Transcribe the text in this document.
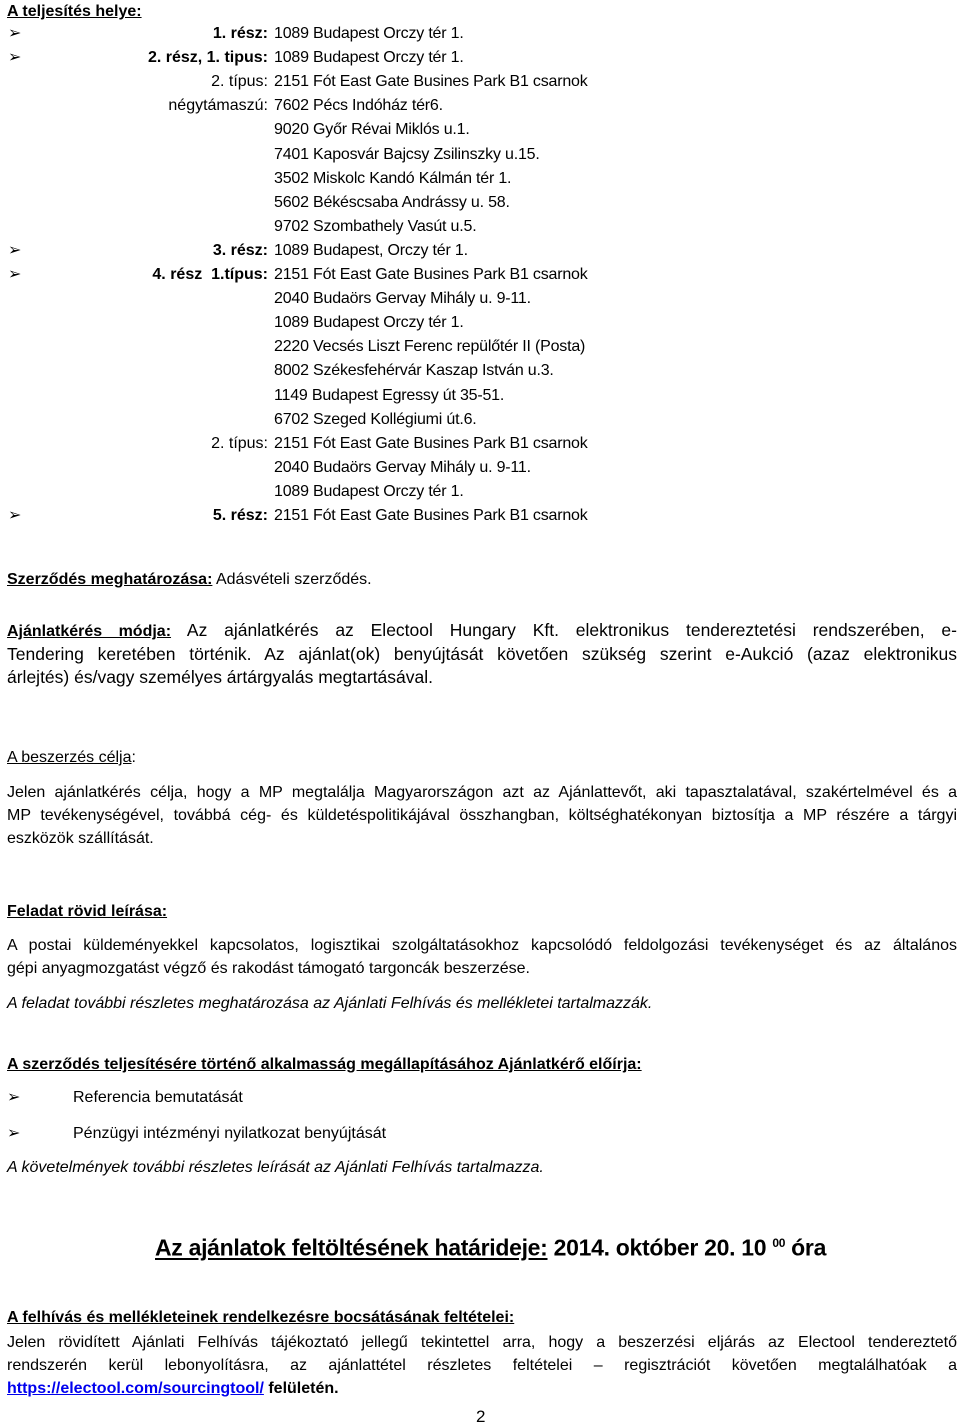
A teljesítés helye:
➢	1. rész: 1089 Budapest Orczy tér 1.
➢	2. rész, 1. tipus: 1089 Budapest Orczy tér 1.
2. típus: 2151 Fót East Gate Busines Park B1 csarnok
négytámaszú: 7602 Pécs Indóház tér6.
9020 Győr Révai Miklós u.1.
7401 Kaposvár Bajcsy Zsilinszky u.15.
3502 Miskolc Kandó Kálmán tér 1.
5602 Békéscsaba Andrássy u. 58.
9702 Szombathely Vasút u.5.
➢	3. rész: 1089 Budapest, Orczy tér 1.
➢	4. rész  1.típus: 2151 Fót East Gate Busines Park B1 csarnok
2040 Budaörs Gervay Mihály u. 9-11.
1089 Budapest Orczy tér 1.
2220 Vecsés Liszt Ferenc repülőtér II (Posta)
8002 Székesfehérvár Kaszap István u.3.
1149 Budapest Egressy út 35-51.
6702 Szeged Kollégiumi út.6.
2. típus: 2151 Fót East Gate Busines Park B1 csarnok
2040 Budaörs Gervay Mihály u. 9-11.
1089 Budapest Orczy tér 1.
➢	5. rész: 2151 Fót East Gate Busines Park B1 csarnok
Szerződés meghatározása: Adásvételi szerződés.
Ajánlatkérés módja: Az ajánlatkérés az Electool Hungary Kft. elektronikus tendereztetési rendszerében, e-
Tendering keretében történik. Az ajánlat(ok) benyújtását követően szükség szerint e-Aukció (azaz elektronikus
árlejtés) és/vagy személyes ártárgyalás megtartásával.
A beszerzés célja:
Jelen ajánlatkérés célja, hogy a MP megtalálja Magyarországon azt az Ajánlattevőt, aki tapasztalatával, szakértelmével és a
MP tevékenységével, továbbá cég- és küldetéspolitikájával összhangban, költséghatékonyan biztosítja a MP részére a tárgyi
eszközök szállítását.
Feladat rövid leírása:
A postai küldeményekkel kapcsolatos, logisztikai szolgáltatásokhoz kapcsolódó feldolgozási tevékenységet és az általános
gépi anyagmozgatást végző és rakodást támogató targoncák beszerzése.
A feladat további részletes meghatározása az Ajánlati Felhívás és mellékletei tartalmazzák.
A szerződés teljesítésére történő alkalmasság megállapításához Ajánlatkérő előírja:
➢	Referencia bemutatását
➢	Pénzügyi intézményi nyilatkozat benyújtását
A követelmények további részletes leírását az Ajánlati Felhívás tartalmazza.
Az ajánlatok feltöltésének határideje: 2014. október 20. 10 $^{00}$ óra
A felhívás és mellékleteinek rendelkezésre bocsátásának feltételei:
Jelen rövidített Ajánlati Felhívás tájékoztató jellegű tekintettel arra, hogy a beszerzési eljárás az Electool tendereztető
rendszerén kerül lebonyolításra, az ajánlattétel részletes feltételei – regisztrációt követően megtalálhatóak a
https://electool.com/sourcingtool/ felületén.
2
